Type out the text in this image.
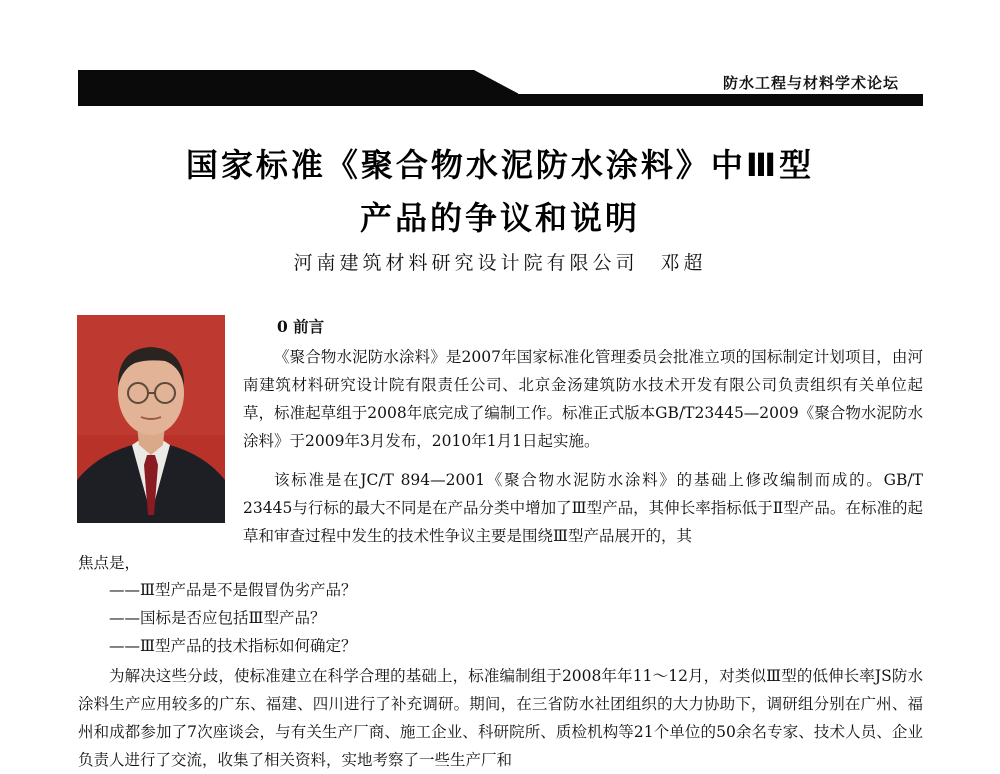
防水工程与材料学术论坛
国家标准《聚合物水泥防水涂料》中Ⅲ型
产品的争议和说明
河南建筑材料研究设计院有限公司 邓超
0 前言

《聚合物水泥防水涂料》是2007年国家标准化管理委员会批准立项的国标制定计划项目，由河南建筑材料研究设计院有限责任公司、北京金汤建筑防水技术开发有限公司负责组织有关单位起草，标准起草组于2008年底完成了编制工作。标准正式版本GB/T23445—2009《聚合物水泥防水涂料》于2009年3月发布，2010年1月1日起实施。

该标准是在JC/T 894—2001《聚合物水泥防水涂料》的基础上修改编制而成的。GB/T 23445与行标的最大不同是在产品分类中增加了Ⅲ型产品，其伸长率指标低于Ⅱ型产品。在标准的起草和审查过程中发生的技术性争议主要是围绕Ⅲ型产品展开的，其

焦点是，

——Ⅲ型产品是不是假冒伪劣产品？
——国标是否应包括Ⅲ型产品？
——Ⅲ型产品的技术指标如何确定？

为解决这些分歧，使标准建立在科学合理的基础上，标准编制组于2008年年11～12月，对类似Ⅲ型的低伸长率JS防水涂料生产应用较多的广东、福建、四川进行了补充调研。期间，在三省防水社团组织的大力协助下，调研组分别在广州、福州和成都参加了7次座谈会，与有关生产厂商、施工企业、科研院所、质检机构等21个单位的50余名专家、技术人员、企业负责人进行了交流，收集了相关资料，实地考察了一些生产厂和
